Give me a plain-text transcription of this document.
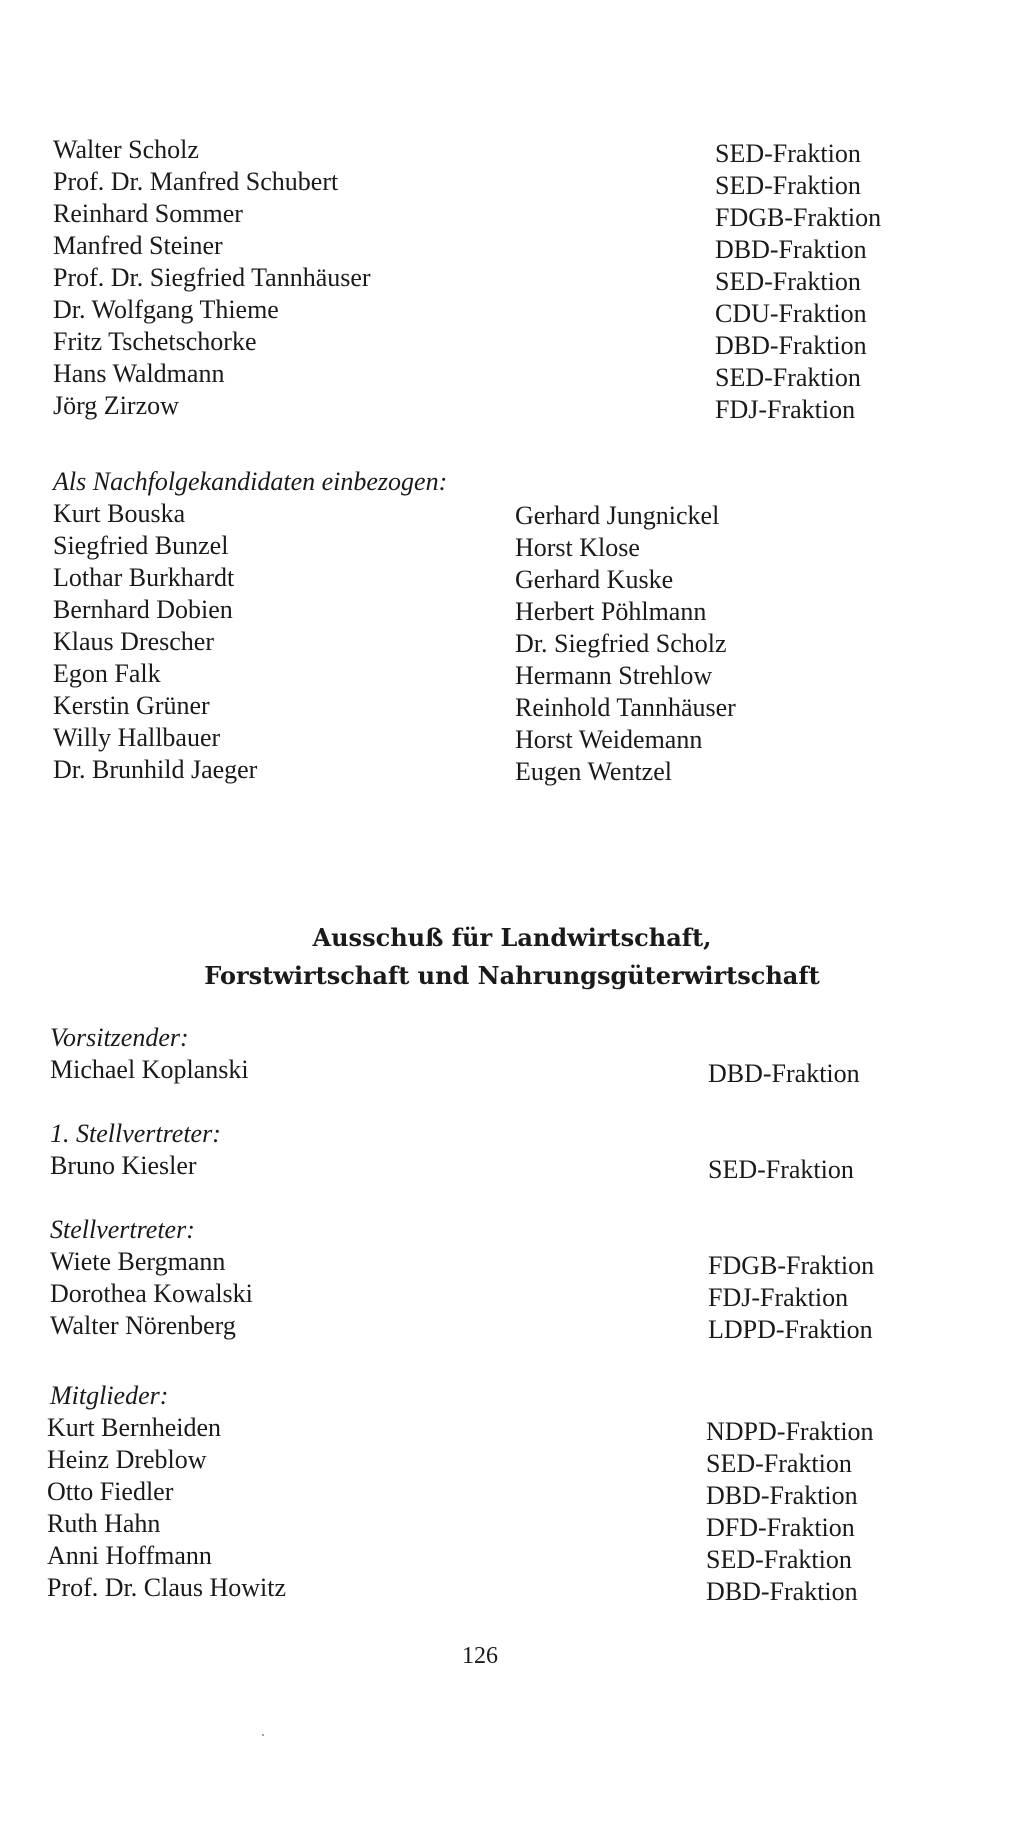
Walter Scholz
Prof. Dr. Manfred Schubert
Reinhard Sommer
Manfred Steiner
Prof. Dr. Siegfried Tannhäuser
Dr. Wolfgang Thieme
Fritz Tschetschorke
Hans Waldmann
Jörg Zirzow
SED-Fraktion
SED-Fraktion
FDGB-Fraktion
DBD-Fraktion
SED-Fraktion
CDU-Fraktion
DBD-Fraktion
SED-Fraktion
FDJ-Fraktion
Als Nachfolgekandidaten einbezogen:
Kurt Bouska
Siegfried Bunzel
Lothar Burkhardt
Bernhard Dobien
Klaus Drescher
Egon Falk
Kerstin Grüner
Willy Hallbauer
Dr. Brunhild Jaeger
Gerhard Jungnickel
Horst Klose
Gerhard Kuske
Herbert Pöhlmann
Dr. Siegfried Scholz
Hermann Strehlow
Reinhold Tannhäuser
Horst Weidemann
Eugen Wentzel
Ausschuß für Landwirtschaft,
Forstwirtschaft und Nahrungsgüterwirtschaft
Vorsitzender:
Michael Koplanski	DBD-Fraktion
1. Stellvertreter:
Bruno Kiesler	SED-Fraktion
Stellvertreter:
Wiete Bergmann
Dorothea Kowalski
Walter Nörenberg
FDGB-Fraktion
FDJ-Fraktion
LDPD-Fraktion
Mitglieder:
Kurt Bernheiden
Heinz Dreblow
Otto Fiedler
Ruth Hahn
Anni Hoffmann
Prof. Dr. Claus Howitz
NDPD-Fraktion
SED-Fraktion
DBD-Fraktion
DFD-Fraktion
SED-Fraktion
DBD-Fraktion
126
